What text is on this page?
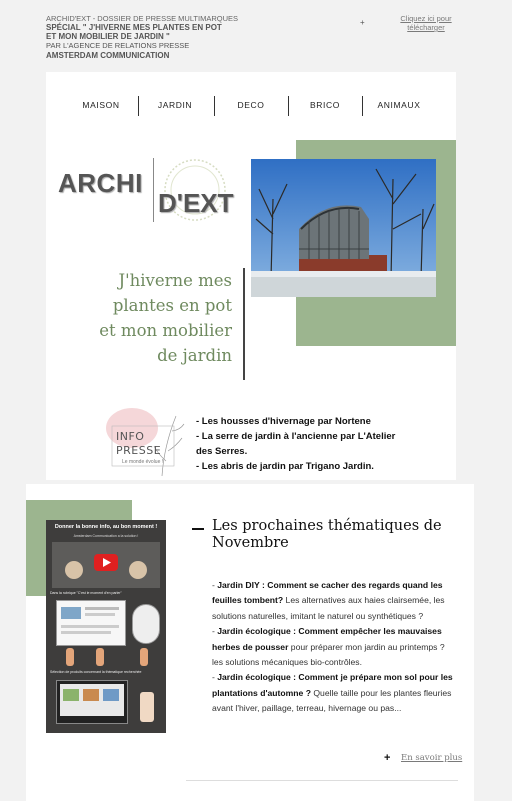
ARCHID'EXT - DOSSIER DE PRESSE MULTIMARQUES
SPÉCIAL " J'HIVERNE MES PLANTES EN POT
ET MON MOBILIER DE JARDIN "
PAR L'AGENCE DE RELATIONS PRESSE
AMSTERDAM COMMUNICATION
+	Cliquez ici pour
télécharger
MAISON	JARDIN	DECO	BRICO	ANIMAUX
ARCHI
D'EXT
J'hiverne mes
plantes en pot
et mon mobilier
de jardin
INFO
PRESSE
Le monde évolue !
- Les housses d'hivernage par Nortene
- La serre de jardin à l'ancienne par L'Atelier
des Serres.
- Les abris de jardin par Trigano Jardin.
Donner la bonne info, au bon moment !
Amsterdam Communication a la solution !
Dans la rubrique "C'est le moment d'en parler"
Sélection de produits concernant la thématique recherchée
Les prochaines thématiques de Novembre
- Jardin DIY : Comment se cacher des regards quand les feuilles tombent? Les alternatives aux haies clairsemée, les solutions naturelles, imitant le naturel ou synthétiques ?
- Jardin écologique : Comment empêcher les mauvaises herbes de pousser pour préparer mon jardin au printemps ? les solutions mécaniques bio-contrôles.
- Jardin écologique : Comment je prépare mon sol pour les plantations d'automne ? Quelle taille pour les plantes fleuries avant l'hiver, paillage, terreau, hivernage ou pas...
+ En savoir plus
